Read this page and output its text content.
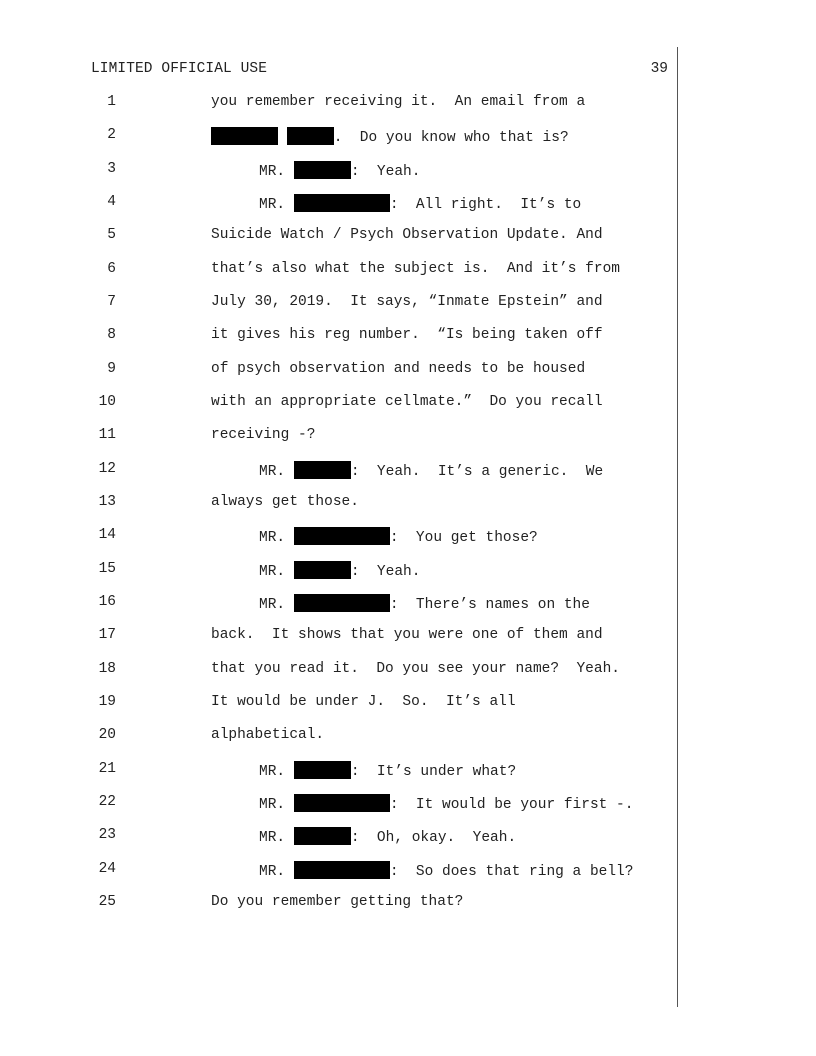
LIMITED OFFICIAL USE	39

1

	you remember receiving it.  An email from a

2

	.  Do you know who that is?

3

	MR.	:  Yeah.

4

	MR.	:  All right.  It’s to

5

	Suicide Watch / Psych Observation Update. And

6

	that’s also what the subject is.  And it’s from

7

	July 30, 2019.  It says, “Inmate Epstein” and

8

	it gives his reg number.  “Is being taken off

9

	of psych observation and needs to be housed

10

	with an appropriate cellmate.”  Do you recall

11

	receiving -?

12

	MR.	:  Yeah.  It’s a generic.  We

13

	always get those.

14

	MR.	:  You get those?

15

	MR.	:  Yeah.

16

	MR.	:  There’s names on the

17

	back.  It shows that you were one of them and

18

	that you read it.  Do you see your name?  Yeah.

19

	It would be under J.  So.  It’s all

20

	alphabetical.

21

	MR.	:  It’s under what?

22

	MR.	:  It would be your first -.

23

	MR.	:  Oh, okay.  Yeah.

24

	MR.	:  So does that ring a bell?

25

	Do you remember getting that?
